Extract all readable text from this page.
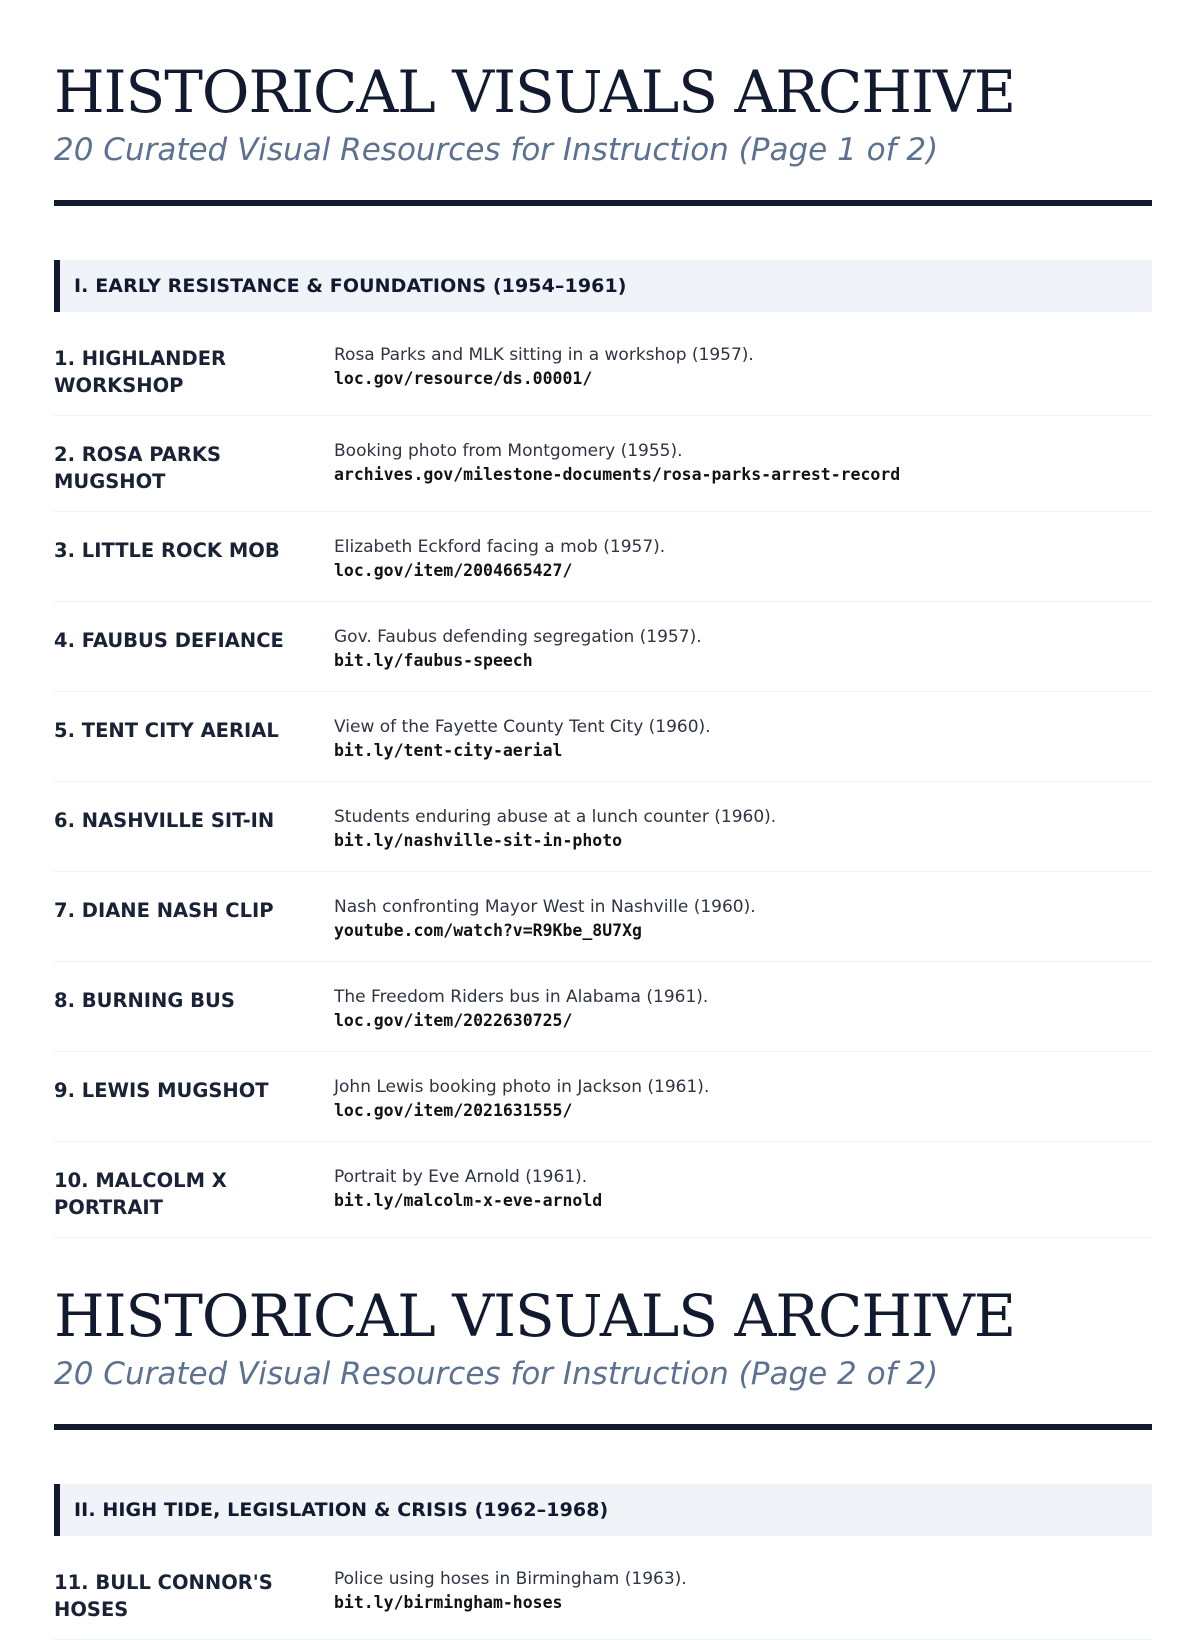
HISTORICAL VISUALS ARCHIVE
20 Curated Visual Resources for Instruction (Page 1 of 2)
I. EARLY RESISTANCE & FOUNDATIONS (1954–1961)
1. HIGHLANDER WORKSHOP
Rosa Parks and MLK sitting in a workshop (1957).
loc.gov/resource/ds.00001/
2. ROSA PARKS MUGSHOT
Booking photo from Montgomery (1955).
archives.gov/milestone-documents/rosa-parks-arrest-record
3. LITTLE ROCK MOB	Elizabeth Eckford facing a mob (1957).
loc.gov/item/2004665427/
4. FAUBUS DEFIANCE	Gov. Faubus defending segregation (1957).
bit.ly/faubus-speech
5. TENT CITY AERIAL	View of the Fayette County Tent City (1960).
bit.ly/tent-city-aerial
6. NASHVILLE SIT-IN	Students enduring abuse at a lunch counter (1960).
bit.ly/nashville-sit-in-photo
7. DIANE NASH CLIP	Nash confronting Mayor West in Nashville (1960).
youtube.com/watch?v=R9Kbe_8U7Xg
8. BURNING BUS	The Freedom Riders bus in Alabama (1961).
loc.gov/item/2022630725/
9. LEWIS MUGSHOT	John Lewis booking photo in Jackson (1961).
loc.gov/item/2021631555/
10. MALCOLM X PORTRAIT
Portrait by Eve Arnold (1961).
bit.ly/malcolm-x-eve-arnold
HISTORICAL VISUALS ARCHIVE
20 Curated Visual Resources for Instruction (Page 2 of 2)
II. HIGH TIDE, LEGISLATION & CRISIS (1962–1968)
11. BULL CONNOR'S HOSES
Police using hoses in Birmingham (1963).
bit.ly/birmingham-hoses
